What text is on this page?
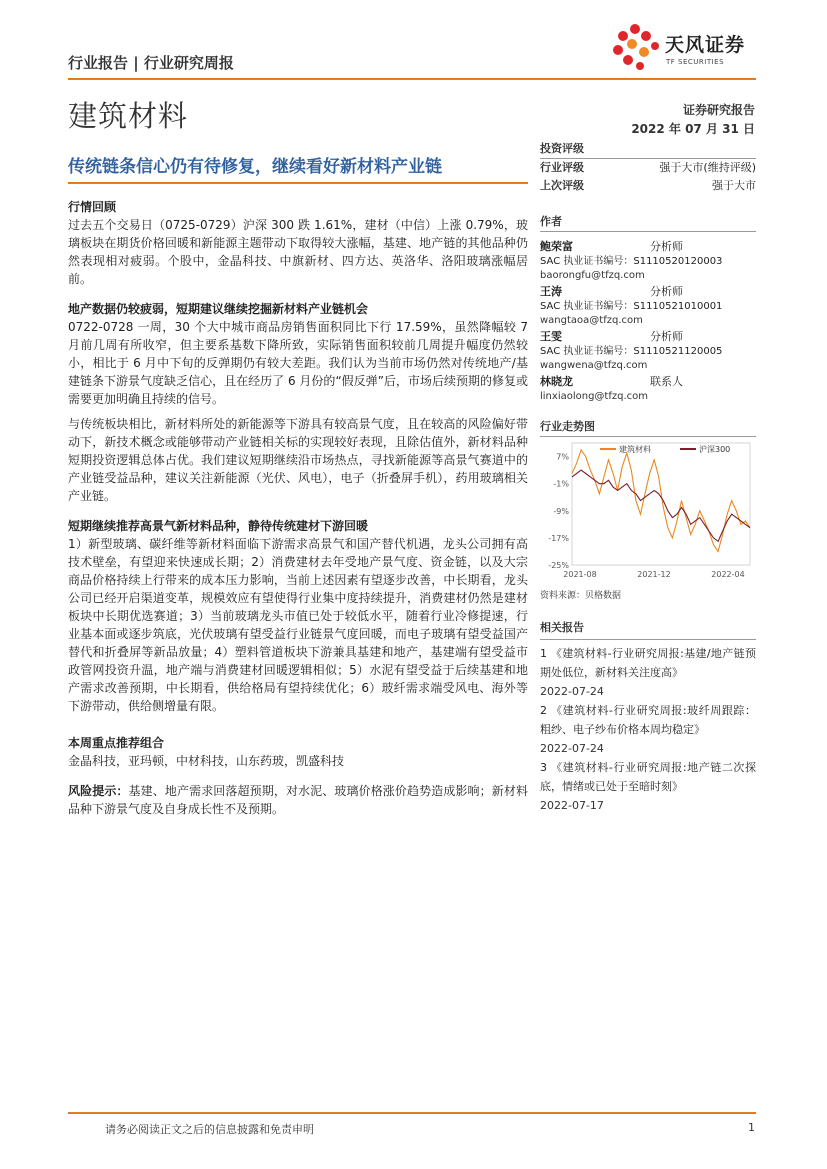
天风证券
TF SECURITIES
行业报告 | 行业研究周报
建筑材料	证券研究报告
2022 年 07 月 31 日
传统链条信心仍有待修复，继续看好新材料产业链
行情回顾

过去五个交易日（0725-0729）沪深 300 跌 1.61%，建材（中信）上涨 0.79%，玻璃板块在期货价格回暖和新能源主题带动下取得较大涨幅，基建、地产链的其他品种仍然表现相对疲弱。个股中，金晶科技、中旗新材、四方达、英洛华、洛阳玻璃涨幅居前。

地产数据仍较疲弱，短期建议继续挖掘新材料产业链机会

0722-0728 一周，30 个大中城市商品房销售面积同比下行 17.59%，虽然降幅较 7 月前几周有所收窄，但主要系基数下降所致，实际销售面积较前几周提升幅度仍然较小，相比于 6 月中下旬的反弹期仍有较大差距。我们认为当前市场仍然对传统地产/基建链条下游景气度缺乏信心，且在经历了 6 月份的“假反弹”后，市场后续预期的修复或需要更加明确且持续的信号。

与传统板块相比，新材料所处的新能源等下游具有较高景气度，且在较高的风险偏好带动下，新技术概念或能够带动产业链相关标的实现较好表现，且除估值外，新材料品种短期投资逻辑总体占优。我们建议短期继续沿市场热点，寻找新能源等高景气赛道中的产业链受益品种，建议关注新能源（光伏、风电），电子（折叠屏手机），药用玻璃相关产业链。

短期继续推荐高景气新材料品种，静待传统建材下游回暖

1）新型玻璃、碳纤维等新材料面临下游需求高景气和国产替代机遇，龙头公司拥有高技术壁垒，有望迎来快速成长期；2）消费建材去年受地产景气度、资金链，以及大宗商品价格持续上行带来的成本压力影响，当前上述因素有望逐步改善，中长期看，龙头公司已经开启渠道变革，规模效应有望使得行业集中度持续提升，消费建材仍然是建材板块中长期优选赛道；3）当前玻璃龙头市值已处于较低水平，随着行业冷修提速，行业基本面或逐步筑底，光伏玻璃有望受益行业链景气度回暖，而电子玻璃有望受益国产替代和折叠屏等新品放量；4）塑料管道板块下游兼具基建和地产，基建端有望受益市政管网投资升温，地产端与消费建材回暖逻辑相似；5）水泥有望受益于后续基建和地产需求改善预期，中长期看，供给格局有望持续优化；6）玻纤需求端受风电、海外等下游带动，供给侧增量有限。

本周重点推荐组合

金晶科技，亚玛顿，中材科技，山东药玻，凯盛科技

风险提示：基建、地产需求回落超预期，对水泥、玻璃价格涨价趋势造成影响；新材料品种下游景气度及自身成长性不及预期。

投资评级
行业评级	强于大市(维持评级)
上次评级	强于大市
作者
鲍荣富	分析师
SAC 执业证书编号：S1110520120003
baorongfu@tfzq.com
王涛	分析师
SAC 执业证书编号：S1110521010001
wangtaoa@tfzq.com
王雯	分析师
SAC 执业证书编号：S1110521120005
wangwena@tfzq.com
林晓龙	联系人
linxiaolong@tfzq.com
行业走势图
7%
-1%
-9%
-17%
-25%
2021-08	2021-12	2022-04
建筑材料	沪深300
资料来源：贝格数据
相关报告
1 《建筑材料-行业研究周报:基建/地产链预期处低位，新材料关注度高》
2022-07-24
2 《建筑材料-行业研究周报:玻纤周跟踪：粗纱、电子纱布价格本周均稳定》
2022-07-24
3 《建筑材料-行业研究周报:地产链二次探底，情绪或已处于至暗时刻》
2022-07-17
请务必阅读正文之后的信息披露和免责申明	1
